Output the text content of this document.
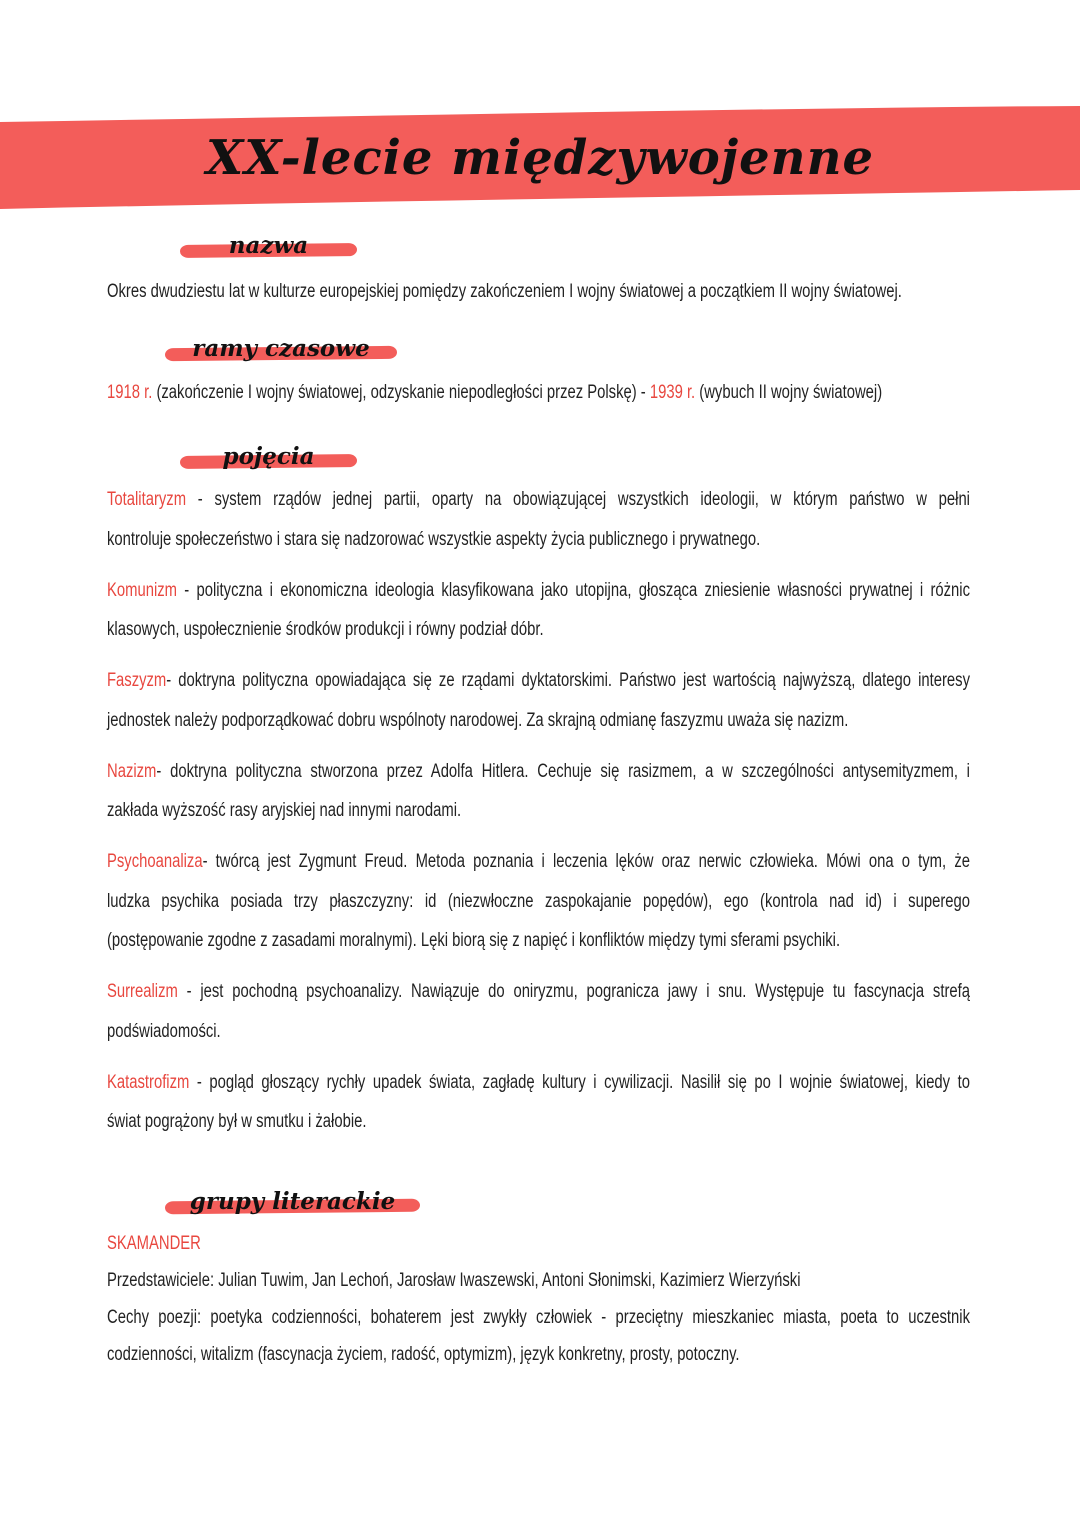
XX-lecie międzywojenne
nazwa
Okres dwudziestu lat w kulturze europejskiej pomiędzy zakończeniem I wojny światowej a początkiem II wojny światowej.
ramy czasowe
1918 r. (zakończenie I wojny światowej, odzyskanie niepodległości przez Polskę) - 1939 r. (wybuch II wojny światowej)
pojęcia
Totalitaryzm - system rządów jednej partii, oparty na obowiązującej wszystkich ideologii, w którym państwo w pełni
kontroluje społeczeństwo i stara się nadzorować wszystkie aspekty życia publicznego i prywatnego.
Komunizm - polityczna i ekonomiczna ideologia klasyfikowana jako utopijna, głosząca zniesienie własności prywatnej i różnic
klasowych, uspołecznienie środków produkcji i równy podział dóbr.
Faszyzm- doktryna polityczna opowiadająca się ze rządami dyktatorskimi. Państwo jest wartością najwyższą, dlatego interesy
jednostek należy podporządkować dobru wspólnoty narodowej. Za skrajną odmianę faszyzmu uważa się nazizm.
Nazizm- doktryna polityczna stworzona przez Adolfa Hitlera. Cechuje się rasizmem, a w szczególności antysemityzmem, i
zakłada wyższość rasy aryjskiej nad innymi narodami.
Psychoanaliza- twórcą jest Zygmunt Freud. Metoda poznania i leczenia lęków oraz nerwic człowieka. Mówi ona o tym, że
ludzka psychika posiada trzy płaszczyzny: id (niezwłoczne zaspokajanie popędów), ego (kontrola nad id) i superego
(postępowanie zgodne z zasadami moralnymi). Lęki biorą się z napięć i konfliktów między tymi sferami psychiki.
Surrealizm - jest pochodną psychoanalizy. Nawiązuje do oniryzmu, pogranicza jawy i snu. Występuje tu fascynacja strefą
podświadomości.
Katastrofizm - pogląd głoszący rychły upadek świata, zagładę kultury i cywilizacji. Nasilił się po I wojnie światowej, kiedy to
świat pogrążony był w smutku i żałobie.
grupy literackie
SKAMANDER
Przedstawiciele: Julian Tuwim, Jan Lechoń, Jarosław Iwaszewski, Antoni Słonimski, Kazimierz Wierzyński
Cechy poezji: poetyka codzienności, bohaterem jest zwykły człowiek - przeciętny mieszkaniec miasta, poeta to uczestnik
codzienności, witalizm (fascynacja życiem, radość, optymizm), język konkretny, prosty, potoczny.
